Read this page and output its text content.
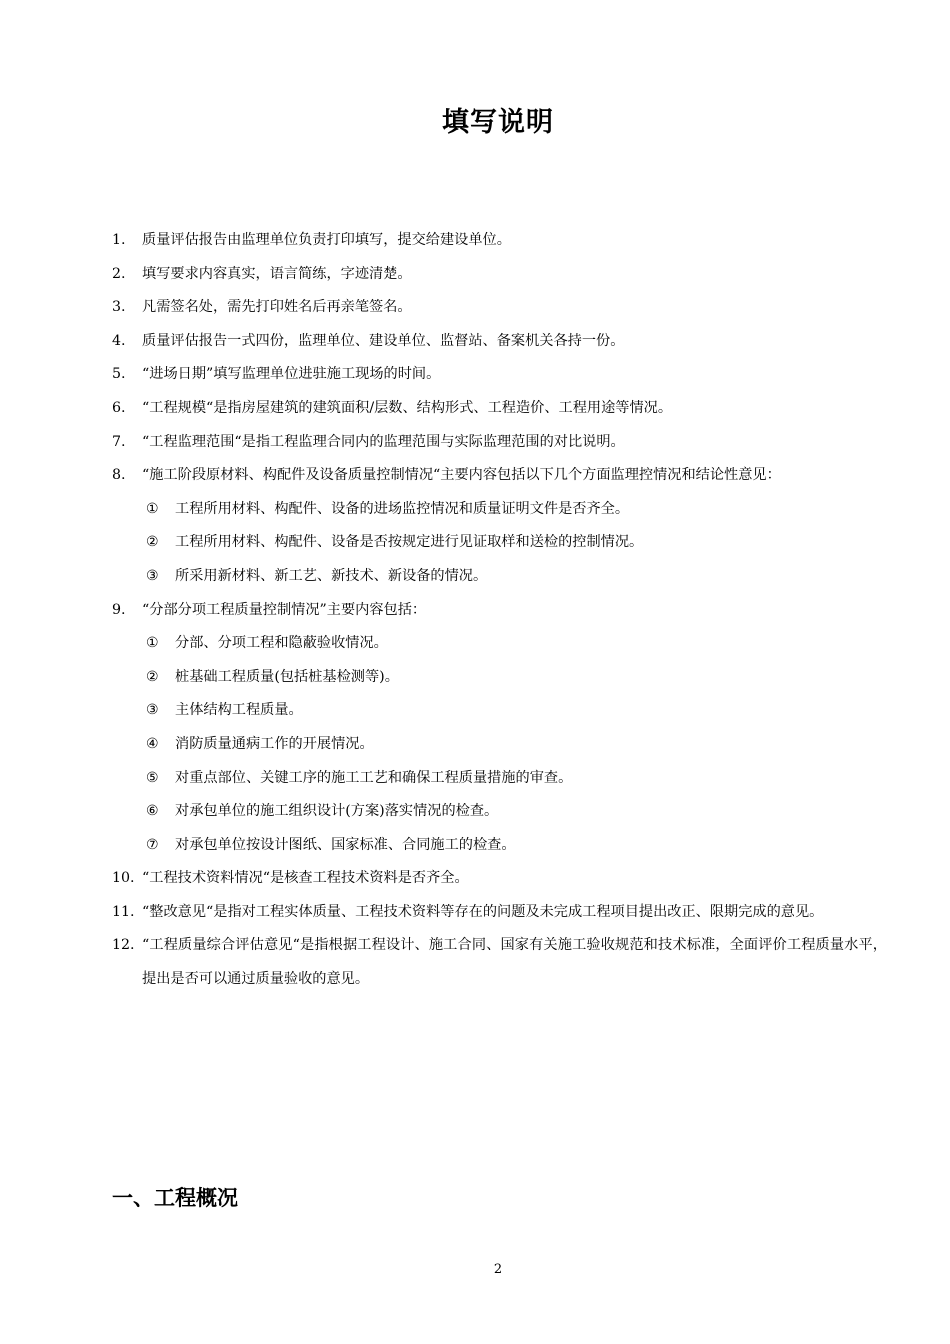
填写说明
1. 质量评估报告由监理单位负责打印填写，提交给建设单位。
2. 填写要求内容真实，语言简练，字迹清楚。
3. 凡需签名处，需先打印姓名后再亲笔签名。
4. 质量评估报告一式四份，监理单位、建设单位、监督站、备案机关各持一份。
5. “进场日期”填写监理单位进驻施工现场的时间。
6. “工程规模“是指房屋建筑的建筑面积/层数、结构形式、工程造价、工程用途等情况。
7. “工程监理范围“是指工程监理合同内的监理范围与实际监理范围的对比说明。
8. “施工阶段原材料、构配件及设备质量控制情况“主要内容包括以下几个方面监理控情况和结论性意见：
① 工程所用材料、构配件、设备的进场监控情况和质量证明文件是否齐全。
② 工程所用材料、构配件、设备是否按规定进行见证取样和送检的控制情况。
③ 所采用新材料、新工艺、新技术、新设备的情况。
9. “分部分项工程质量控制情况”主要内容包括：
① 分部、分项工程和隐蔽验收情况。
② 桩基础工程质量(包括桩基检测等)。
③ 主体结构工程质量。
④ 消防质量通病工作的开展情况。
⑤ 对重点部位、关键工序的施工工艺和确保工程质量措施的审查。
⑥ 对承包单位的施工组织设计(方案)落实情况的检查。
⑦ 对承包单位按设计图纸、国家标准、合同施工的检查。
10. “工程技术资料情况“是核查工程技术资料是否齐全。
11. “整改意见“是指对工程实体质量、工程技术资料等存在的问题及未完成工程项目提出改正、限期完成的意见。
12. “工程质量综合评估意见“是指根据工程设计、施工合同、国家有关施工验收规范和技术标准，全面评价工程质量水平，提出是否可以通过质量验收的意见。
一、工程概况
2
